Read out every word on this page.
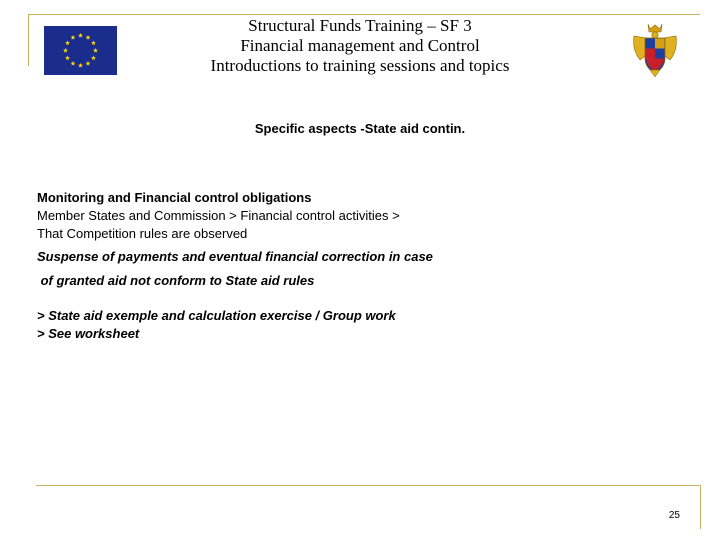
Structural Funds Training – SF 3
Financial management and Control
Introductions to training sessions and topics
Specific aspects -State aid contin.
Monitoring and Financial control obligations
Member States and Commission > Financial control activities >
That Competition rules are observed
Suspense of payments and eventual financial correction in case
of granted aid not conform to State aid rules
> State aid exemple and calculation exercise / Group work
> See worksheet
25
